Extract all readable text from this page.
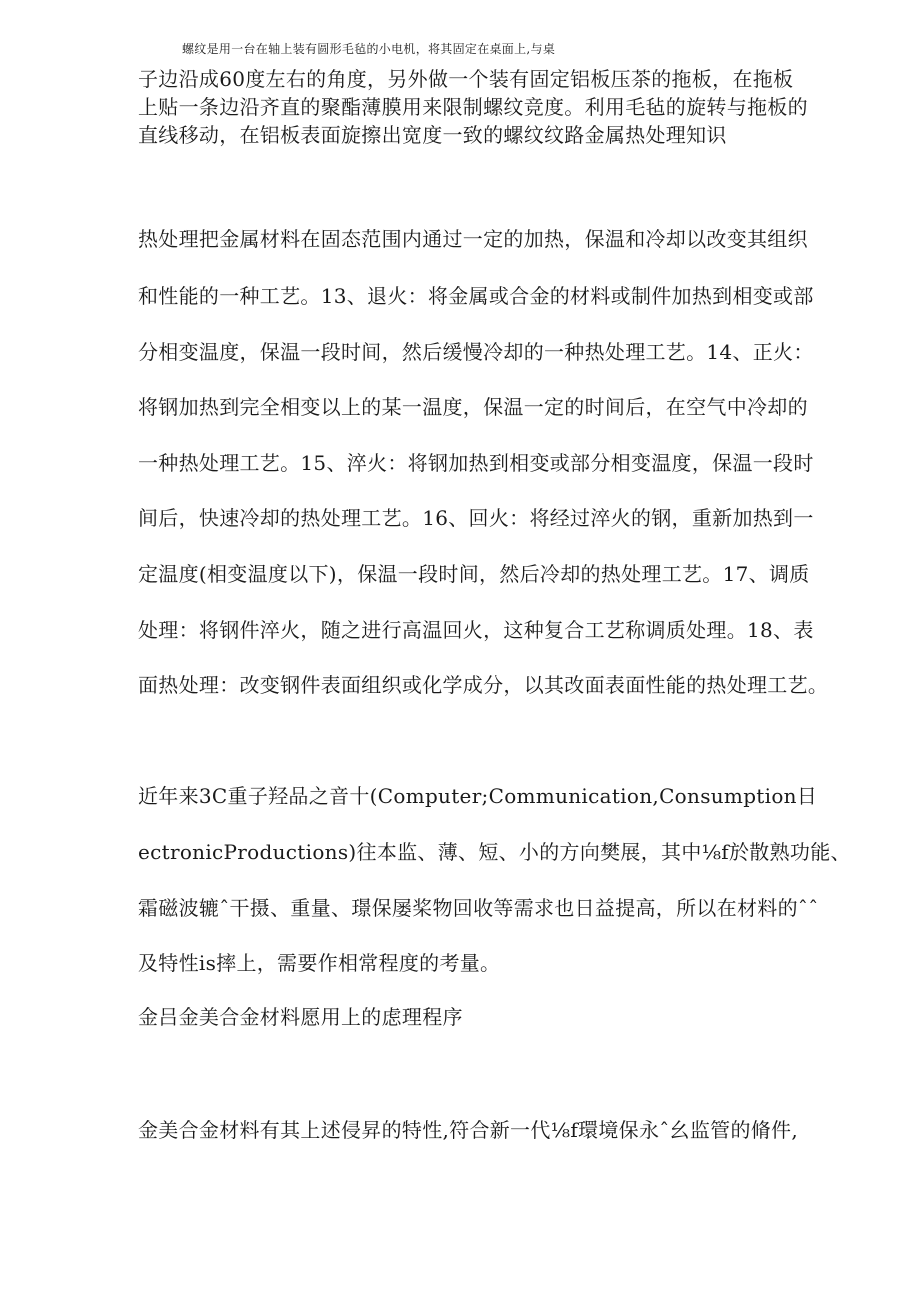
螺纹是用一台在轴上装有圆形毛毡的小电机，将其固定在桌面上,与桌
子边沿成60度左右的角度，另外做一个装有固定铝板压茶的拖板，在拖板
上贴一条边沿齐直的聚酯薄膜用来限制螺纹竞度。利用毛毡的旋转与拖板的
直线移动，在铝板表面旋擦出宽度一致的螺纹纹路金属热处理知识
热处理把金属材料在固态范围内通过一定的加热，保温和冷却以改变其组织
和性能的一种工艺。13、退火：将金属或合金的材料或制件加热到相变或部
分相变温度，保温一段时间，然后缓慢冷却的一种热处理工艺。14、正火：
将钢加热到完全相变以上的某一温度，保温一定的时间后，在空气中冷却的
一种热处理工艺。15、淬火：将钢加热到相变或部分相变温度，保温一段时
间后，快速冷却的热处理工艺。16、回火：将经过淬火的钢，重新加热到一
定温度(相变温度以下)，保温一段时间，然后冷却的热处理工艺。17、调质
处理：将钢件淬火，随之进行高温回火，这种复合工艺称调质处理。18、表
面热处理：改变钢件表面组织或化学成分，以其改面表面性能的热处理工艺。
近年来3C重子羟品之音十(Computer;Communication,Consumption日
ectronicProductions)往本监、薄、短、小的方向樊展，其中⅛f於散熟功能、
霜磁波辘ˆ干摄、重量、璟保屡桨物回收等需求也日益提高，所以在材料的ˆˆ
及特性is摔上，需要作相常程度的考量。
金吕金美合金材料愿用上的虑理程序
金美合金材料有其上述侵昇的特性,符合新一代⅛f環境保永ˆ幺监管的脩件,
